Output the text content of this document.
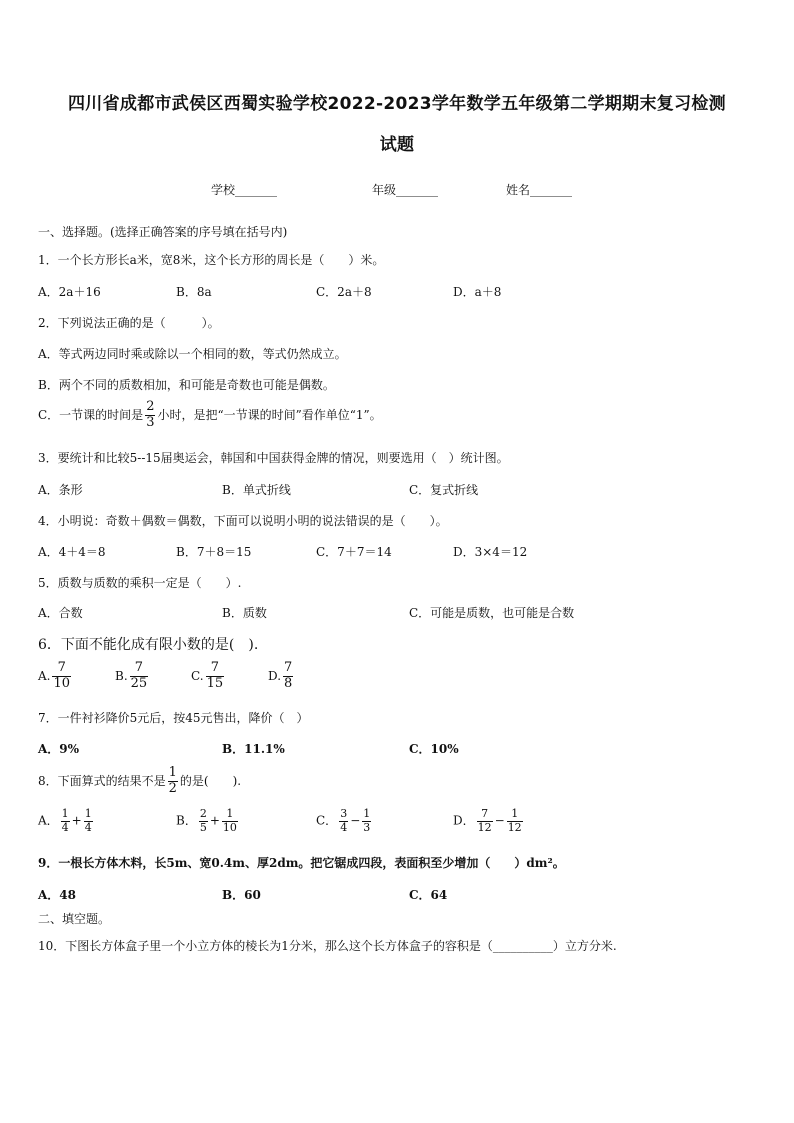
四川省成都市武侯区西蜀实验学校2022-2023学年数学五年级第二学期期末复习检测
试题
学校_______	年级_______	姓名_______
一、选择题。(选择正确答案的序号填在括号内)
1．一个长方形长a米，宽8米，这个长方形的周长是（　　）米。
A．2a＋16	B．8a	C．2a＋8	D．a＋8
2．下列说法正确的是（　　　）。
A．等式两边同时乘或除以一个相同的数，等式仍然成立。
B．两个不同的质数相加，和可能是奇数也可能是偶数。
C．一节课的时间是 $\frac{2}{3}$ 小时，是把“一节课的时间”看作单位“1”。
3．要统计和比较5--15届奥运会，韩国和中国获得金牌的情况，则要选用（　）统计图。
A．条形	B．单式折线	C．复式折线
4．小明说：奇数＋偶数＝偶数，下面可以说明小明的说法错误的是（　　）。
A．4＋4＝8	B．7＋8＝15	C．7＋7＝14	D．3×4＝12
5．质数与质数的乘积一定是（　　）.
A．合数	B．质数	C．可能是质数，也可能是合数
6．下面不能化成有限小数的是(　).
A. $\frac{7}{10}$	B. $\frac{7}{25}$	C. $\frac{7}{15}$	D. $\frac{7}{8}$
7．一件衬衫降价5元后，按45元售出，降价（　）
A．9%	B．11.1%	C．10%
8．下面算式的结果不是 $\frac{1}{2}$ 的是(　　).
A． $\frac{1}{4} + \frac{1}{4}$	B． $\frac{2}{5} + \frac{1}{10}$	C． $\frac{3}{4} - \frac{1}{3}$	D． $\frac{7}{12} - \frac{1}{12}$
9．一根长方体木料，长5m、宽0.4m、厚2dm。把它锯成四段，表面积至少增加（　　）dm²。
A．48	B．60	C．64
二、填空题。
10．下图长方体盒子里一个小立方体的棱长为1分米，那么这个长方体盒子的容积是（__________）立方分米.
